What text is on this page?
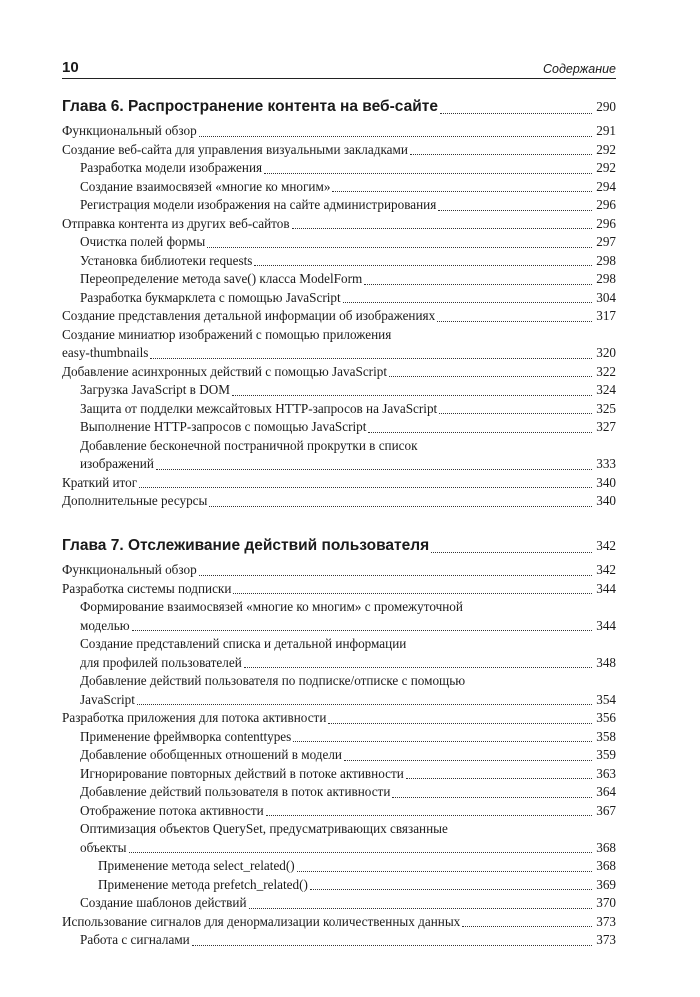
10	Содержание
Глава 6. Распространение контента на веб-сайте	290
Функциональный обзор	291
Создание веб-сайта для управления визуальными закладками	292
Разработка модели изображения	292
Создание взаимосвязей «многие ко многим»	294
Регистрация модели изображения на сайте администрирования	296
Отправка контента из других веб-сайтов	296
Очистка полей формы	297
Установка библиотеки requests	298
Переопределение метода save() класса ModelForm	298
Разработка букмарклета с помощью JavaScript	304
Создание представления детальной информации об изображениях	317
Создание миниатюр изображений с помощью приложения
easy-thumbnails	320
Добавление асинхронных действий с помощью JavaScript	322
Загрузка JavaScript в DOM	324
Защита от подделки межсайтовых HTTP-запросов на JavaScript	325
Выполнение HTTP-запросов с помощью JavaScript	327
Добавление бесконечной постраничной прокрутки в список
изображений	333
Краткий итог	340
Дополнительные ресурсы	340
Глава 7. Отслеживание действий пользователя	342
Функциональный обзор	342
Разработка системы подписки	344
Формирование взаимосвязей «многие ко многим» с промежуточной
моделью	344
Создание представлений списка и детальной информации
для профилей пользователей	348
Добавление действий пользователя по подписке/отписке с помощью
JavaScript	354
Разработка приложения для потока активности	356
Применение фреймворка contenttypes	358
Добавление обобщенных отношений в модели	359
Игнорирование повторных действий в потоке активности	363
Добавление действий пользователя в поток активности	364
Отображение потока активности	367
Оптимизация объектов QuerySet, предусматривающих связанные
объекты	368
Применение метода select_related()	368
Применение метода prefetch_related()	369
Создание шаблонов действий	370
Использование сигналов для денормализации количественных данных	373
Работа с сигналами	373
